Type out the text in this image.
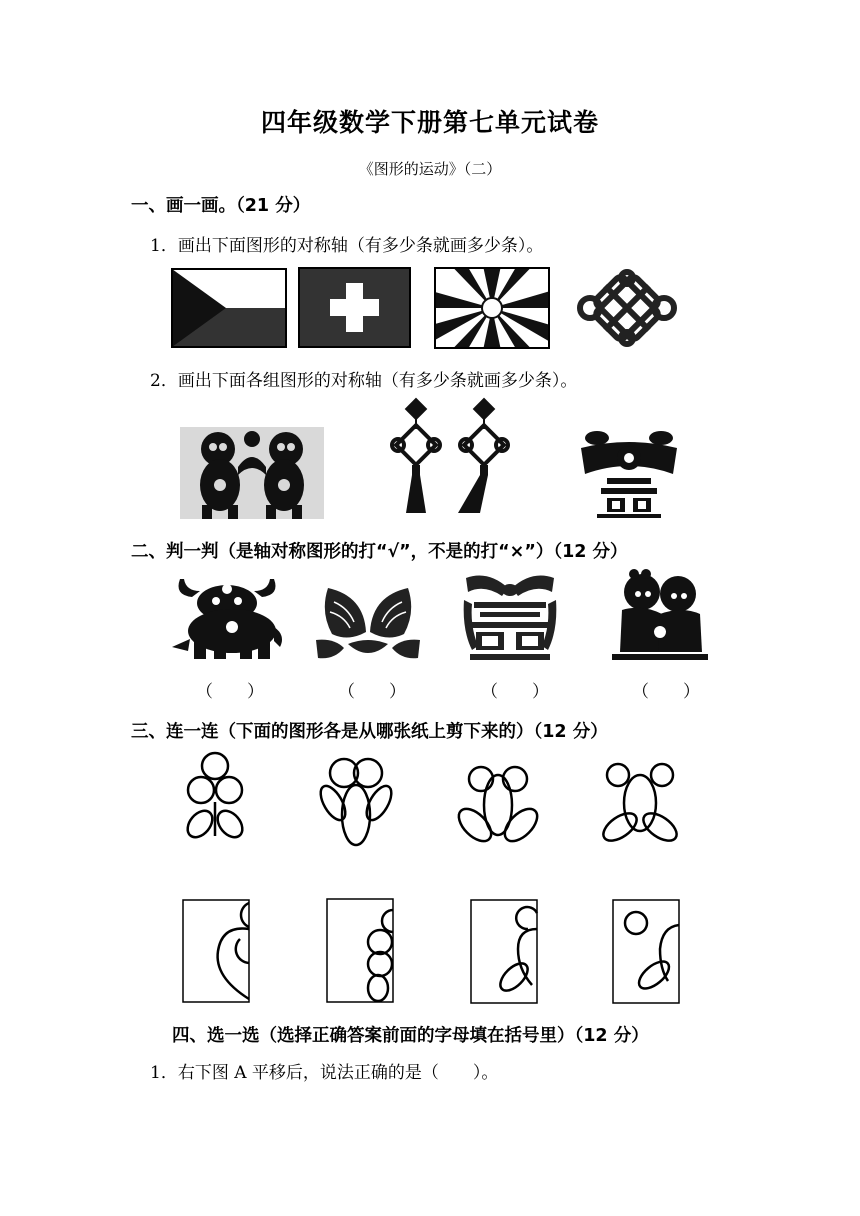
四年级数学下册第七单元试卷
《图形的运动》（二）
一、画一画。（21 分）
1．画出下面图形的对称轴（有多少条就画多少条）。
2．画出下面各组图形的对称轴（有多少条就画多少条）。
二、判一判（是轴对称图形的打“√”，不是的打“×”）（12 分）
（　　）	（　　）	（　　）	（　　）
三、连一连（下面的图形各是从哪张纸上剪下来的）（12 分）
四、选一选（选择正确答案前面的字母填在括号里）（12 分）
1．右下图 A 平移后，说法正确的是（　　）。
